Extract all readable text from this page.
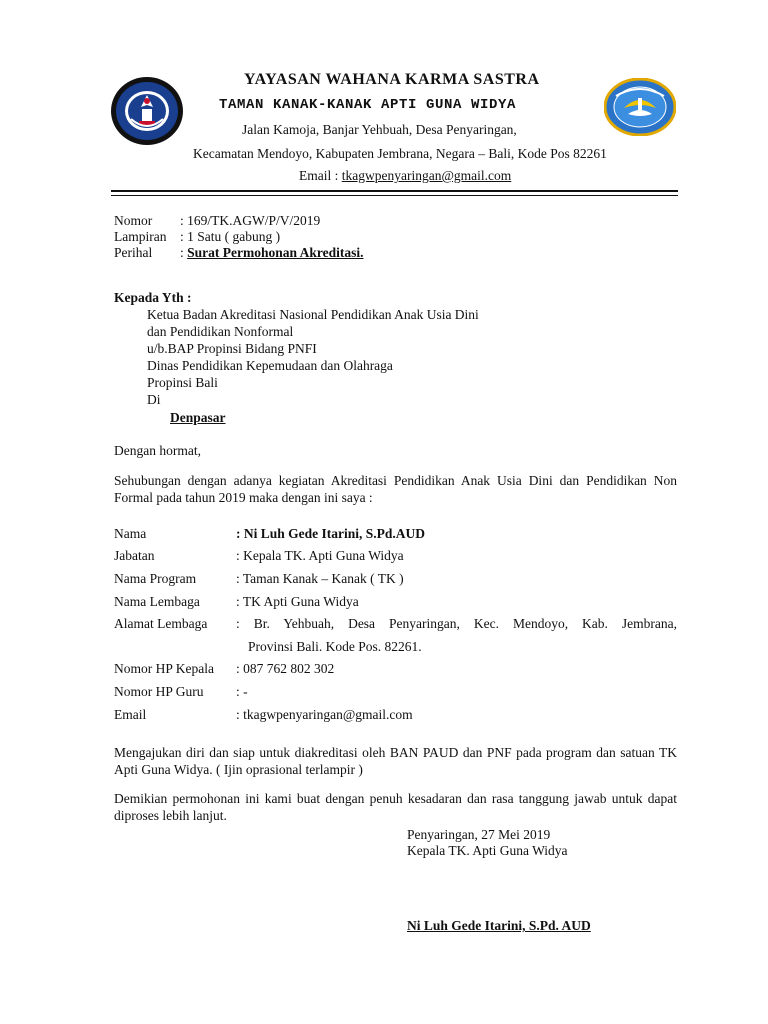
YAYASAN WAHANA KARMA SASTRA
TAMAN KANAK-KANAK APTI GUNA WIDYA
Jalan Kamoja, Banjar Yehbuah, Desa Penyaringan,
Kecamatan Mendoyo, Kabupaten Jembrana, Negara – Bali, Kode Pos 82261
Email : tkagwpenyaringan@gmail.com
Nomor : 169/TK.AGW/P/V/2019
Lampiran : 1 Satu ( gabung )
Perihal : Surat Permohonan Akreditasi.
Kepada Yth :
Ketua Badan Akreditasi Nasional Pendidikan Anak Usia Dini
dan Pendidikan Nonformal
u/b.BAP Propinsi Bidang PNFI
Dinas Pendidikan Kepemudaan dan Olahraga
Propinsi Bali
Di
Denpasar
Dengan hormat,
Sehubungan dengan adanya kegiatan Akreditasi Pendidikan Anak Usia Dini dan Pendidikan Non Formal pada tahun 2019 maka dengan ini saya :
Nama	: Ni Luh Gede Itarini, S.Pd.AUD
Jabatan	: Kepala TK. Apti Guna Widya
Nama Program	: Taman Kanak – Kanak ( TK )
Nama Lembaga	: TK Apti Guna Widya
Alamat Lembaga : Br. Yehbuah, Desa Penyaringan, Kec. Mendoyo, Kab. Jembrana,
Provinsi Bali. Kode Pos. 82261.
Nomor HP Kepala : 087 762 802 302
Nomor HP Guru : -
Email	: tkagwpenyaringan@gmail.com
Mengajukan diri dan siap untuk diakreditasi oleh BAN PAUD dan PNF pada program dan satuan TK Apti Guna Widya. ( Ijin oprasional terlampir )
Demikian permohonan ini kami buat dengan penuh kesadaran dan rasa tanggung jawab untuk dapat diproses lebih lanjut.
Penyaringan, 27 Mei 2019
Kepala TK. Apti Guna Widya
Ni Luh Gede Itarini, S.Pd. AUD
